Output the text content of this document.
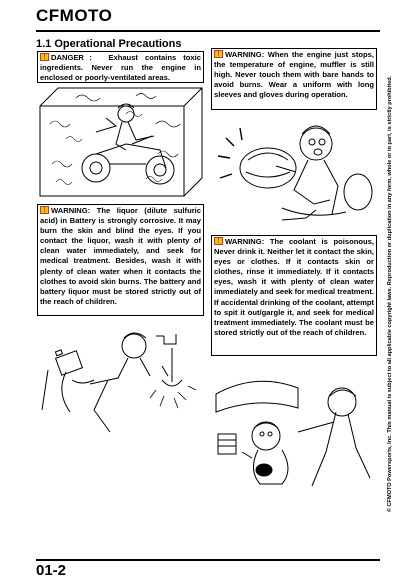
CFMOTO
1.1 Operational Precautions
!DANGER： Exhaust contains toxic ingredients. Never run the engine in enclosed or poorly-ventilated areas.
!WARNING: When the engine just stops, the temperature of engine, muffler is still high. Never touch them with bare hands to avoid burns. Wear a uniform with long sleeves and gloves during operation.
!WARNING: The liquor (dilute sulfuric acid) in Battery is strongly corrosive. It may burn the skin and blind the eyes. If you contact the liquor, wash it with plenty of clean water immediately, and seek for medical treatment. Besides, wash it with plenty of clean water when it contacts the clothes to avoid skin burns. The battery and battery liquor must be stored strictly out of the reach of children.
!WARNING: The coolant is poisonous, Never drink it. Neither let it contact the skin, eyes or clothes. If it contacts skin or clothes, rinse it immediately. If it contacts eyes, wash it with plenty of clean water immediately and seek for medical treatment. If accidental drinking of the coolant, attempt to spit it out/gargle it, and seek for medical treatment immediately. The coolant must be stored strictly out of the reach of children.	© CFMOTO Powersports, Inc. This manual is subject to all applicable copyright laws. Reproduction or duplication in any form, whole or in part, is strictly prohibited.
01-2
